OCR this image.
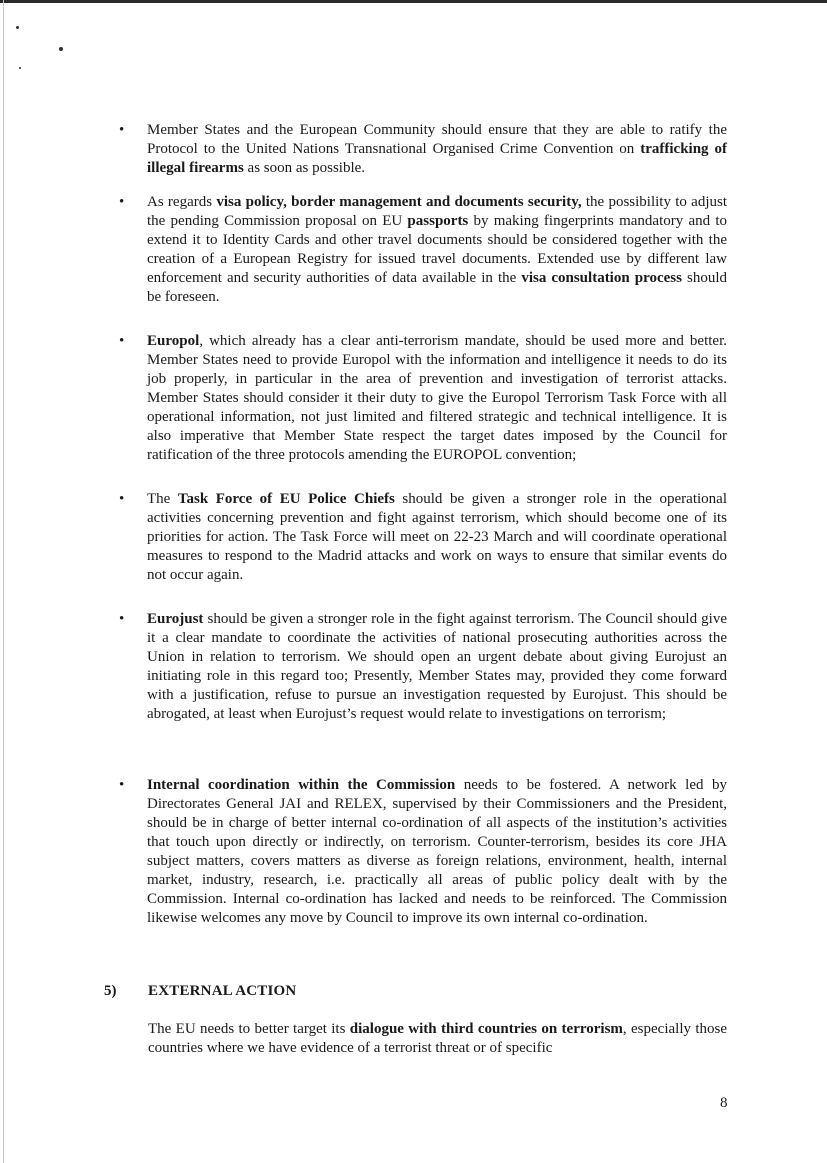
• Member States and the European Community should ensure that they are able to ratify the Protocol to the United Nations Transnational Organised Crime Convention on trafficking of illegal firearms as soon as possible.
• As regards visa policy, border management and documents security, the possibility to adjust the pending Commission proposal on EU passports by making fingerprints mandatory and to extend it to Identity Cards and other travel documents should be considered together with the creation of a European Registry for issued travel documents. Extended use by different law enforcement and security authorities of data available in the visa consultation process should be foreseen.
• Europol, which already has a clear anti-terrorism mandate, should be used more and better. Member States need to provide Europol with the information and intelligence it needs to do its job properly, in particular in the area of prevention and investigation of terrorist attacks. Member States should consider it their duty to give the Europol Terrorism Task Force with all operational information, not just limited and filtered strategic and technical intelligence. It is also imperative that Member State respect the target dates imposed by the Council for ratification of the three protocols amending the EUROPOL convention;
• The Task Force of EU Police Chiefs should be given a stronger role in the operational activities concerning prevention and fight against terrorism, which should become one of its priorities for action. The Task Force will meet on 22-23 March and will coordinate operational measures to respond to the Madrid attacks and work on ways to ensure that similar events do not occur again.
• Eurojust should be given a stronger role in the fight against terrorism. The Council should give it a clear mandate to coordinate the activities of national prosecuting authorities across the Union in relation to terrorism. We should open an urgent debate about giving Eurojust an initiating role in this regard too; Presently, Member States may, provided they come forward with a justification, refuse to pursue an investigation requested by Eurojust. This should be abrogated, at least when Eurojust’s request would relate to investigations on terrorism;
• Internal coordination within the Commission needs to be fostered. A network led by Directorates General JAI and RELEX, supervised by their Commissioners and the President, should be in charge of better internal co-ordination of all aspects of the institution’s activities that touch upon directly or indirectly, on terrorism. Counter-terrorism, besides its core JHA subject matters, covers matters as diverse as foreign relations, environment, health, internal market, industry, research, i.e. practically all areas of public policy dealt with by the Commission. Internal co-ordination has lacked and needs to be reinforced. The Commission likewise welcomes any move by Council to improve its own internal co-ordination.
5) EXTERNAL ACTION
The EU needs to better target its dialogue with third countries on terrorism, especially those countries where we have evidence of a terrorist threat or of specific
8
